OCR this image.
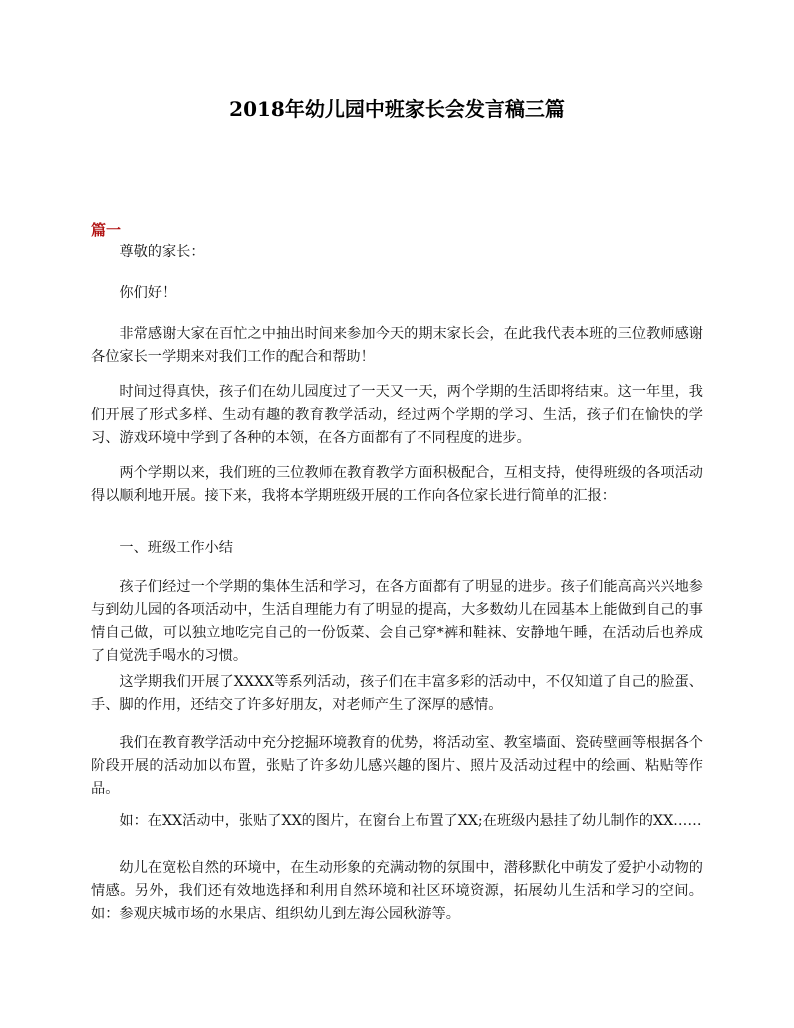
2018年幼儿园中班家长会发言稿三篇
篇一

尊敬的家长：

你们好！

非常感谢大家在百忙之中抽出时间来参加今天的期末家长会，在此我代表本班的三位教师感谢各位家长一学期来对我们工作的配合和帮助！

时间过得真快，孩子们在幼儿园度过了一天又一天，两个学期的生活即将结束。这一年里，我们开展了形式多样、生动有趣的教育教学活动，经过两个学期的学习、生活，孩子们在愉快的学习、游戏环境中学到了各种的本领，在各方面都有了不同程度的进步。

两个学期以来，我们班的三位教师在教育教学方面积极配合，互相支持，使得班级的各项活动得以顺利地开展。接下来，我将本学期班级开展的工作向各位家长进行简单的汇报：

一、班级工作小结

孩子们经过一个学期的集体生活和学习，在各方面都有了明显的进步。孩子们能高高兴兴地参与到幼儿园的各项活动中，生活自理能力有了明显的提高，大多数幼儿在园基本上能做到自己的事情自己做，可以独立地吃完自己的一份饭菜、会自己穿*裤和鞋袜、安静地午睡，在活动后也养成了自觉洗手喝水的习惯。

这学期我们开展了XXXX等系列活动，孩子们在丰富多彩的活动中，不仅知道了自己的脸蛋、手、脚的作用，还结交了许多好朋友，对老师产生了深厚的感情。

我们在教育教学活动中充分挖掘环境教育的优势，将活动室、教室墙面、瓷砖壁画等根据各个阶段开展的活动加以布置，张贴了许多幼儿感兴趣的图片、照片及活动过程中的绘画、粘贴等作品。

如：在XX活动中，张贴了XX的图片，在窗台上布置了XX;在班级内悬挂了幼儿制作的XX……

幼儿在宽松自然的环境中，在生动形象的充满动物的氛围中，潜移默化中萌发了爱护小动物的情感。另外，我们还有效地选择和利用自然环境和社区环境资源，拓展幼儿生活和学习的空间。如：参观庆城市场的水果店、组织幼儿到左海公园秋游等。
